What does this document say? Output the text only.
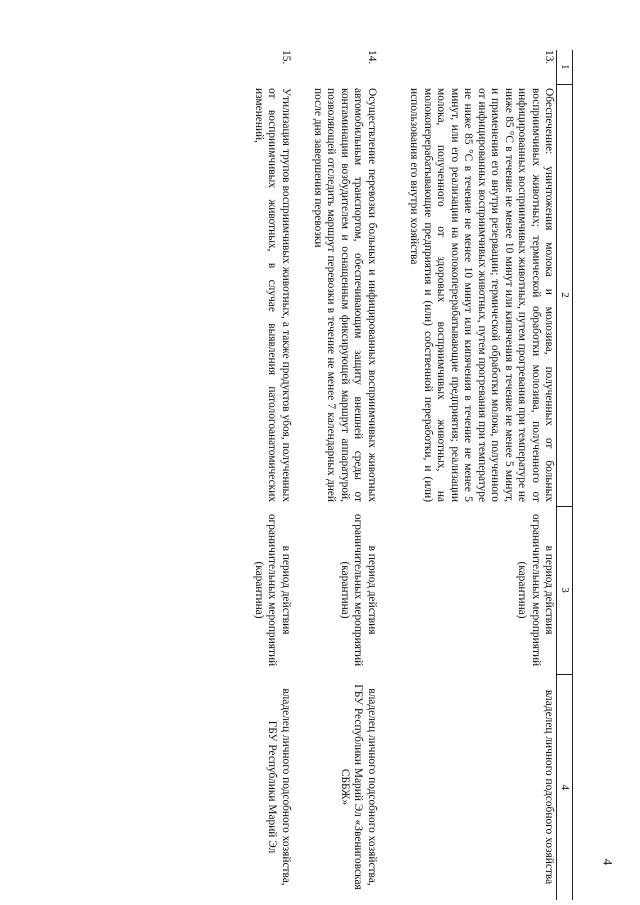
4
1	2	3	4
13.	Обеспечение: уничтожения молока и молозива, полученных от больных восприимчивых животных; термической обработки молозива, полученного от инфицированных восприимчивых животных, путем прогревания при температуре не ниже 85 °С в течение не менее 10 минут или кипячения в течение не менее 5 минут, и применения его внутри резервации; термической обработки молока, полученного от инфицированных восприимчивых животных, путем прогревания при температуре не ниже 85 °С в течение не менее 10 минут или кипячения в течение не менее 5 минут, или его реализации на молокоперерабатывающие предприятия; реализации молока, полученного от здоровых восприимчивых животных, на молокоперерабатывающие предприятия и (или) собственной переработки, и (или) использования его внутри хозяйства	в период действия ограничительных мероприятий (карантина)	владелец личного подсобного хозяйства
14.	Осуществление перевозки больных и инфицированных восприимчивых животных автомобильным транспортом, обеспечивающим защиту внешней среды от контаминации возбудителем и оснащенным фиксирующей маршрут аппаратурой, позволяющей отследить маршрут перевозки в течение не менее 7 календарных дней после дня завершения перевозки	в период действия ограничительных мероприятий (карантина)	владелец личного подсобного хозяйства, ГБУ Республики Марий Эл «Звениговская СББЖ»
15.	Утилизация трупов восприимчивых животных, а также продуктов убоя, полученных от восприимчивых животных, в случае выявления патологоанатомических изменений,	в период действия ограничительных мероприятий (карантина)	владелец личного подсобного хозяйства, ГБУ Республики Марий Эл
